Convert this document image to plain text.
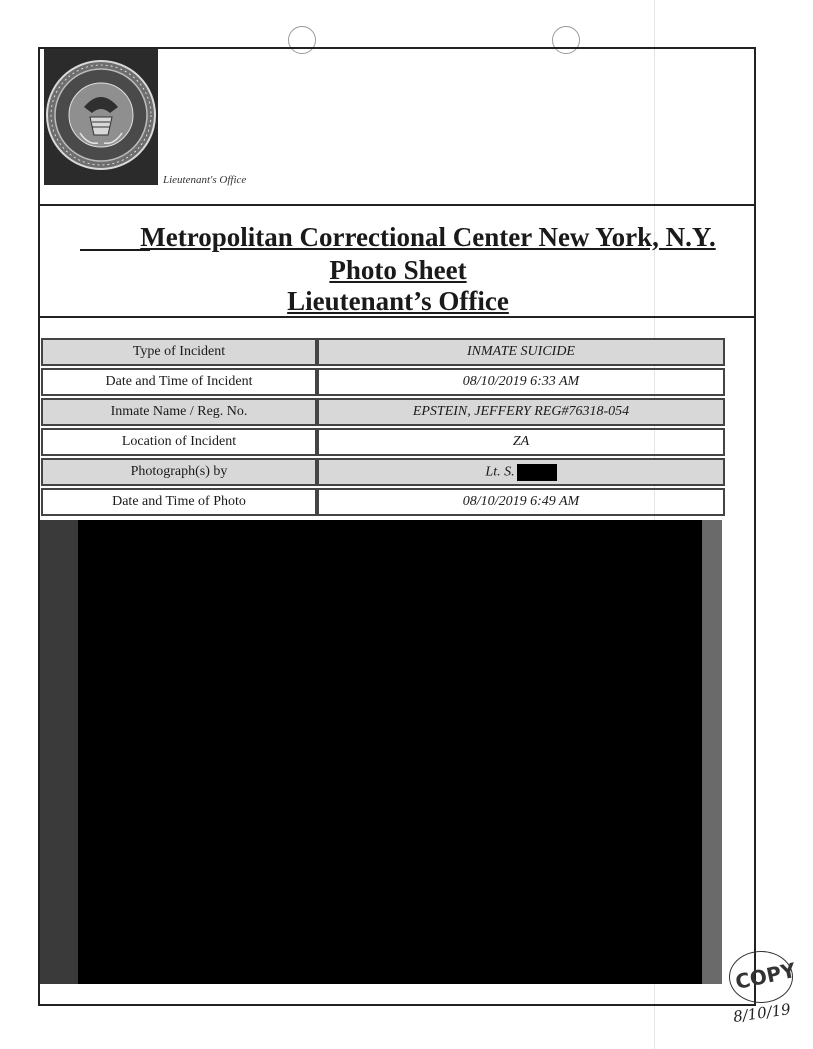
Lieutenant's Office
Metropolitan Correctional Center New York, N.Y.
Photo Sheet
Lieutenant’s Office
Type of Incident	INMATE SUICIDE
Date and Time of Incident	08/10/2019 6:33 AM
Inmate Name / Reg. No.	EPSTEIN, JEFFERY REG#76318-054
Location of Incident	ZA
Photograph(s) by	Lt. S.
Date and Time of Photo	08/10/2019 6:49 AM
COPY
8/10/19
